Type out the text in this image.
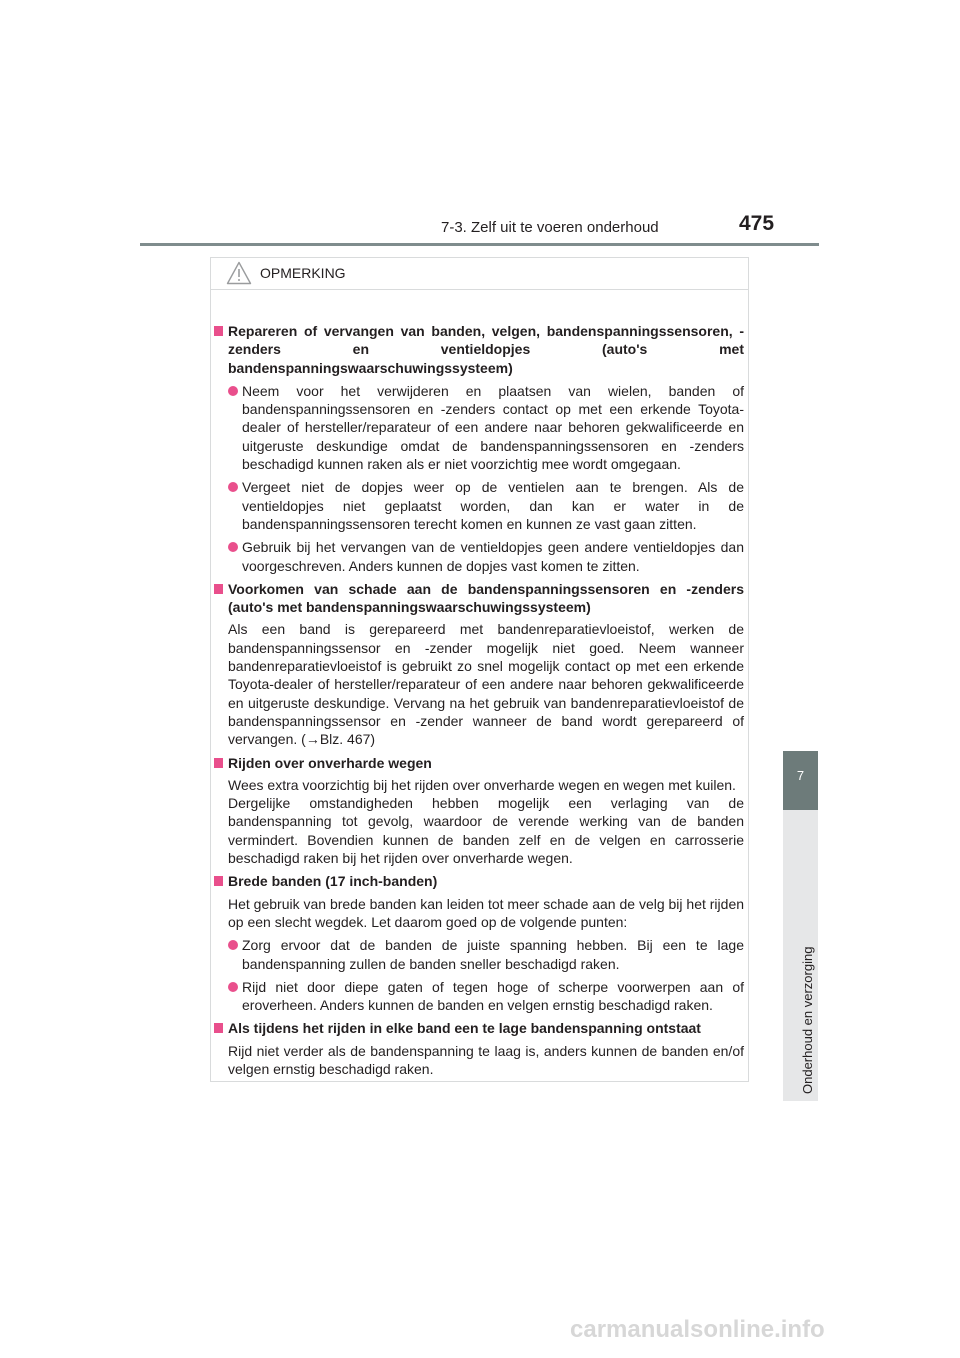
7-3. Zelf uit te voeren onderhoud	475
7
Onderhoud en verzorging
OPMERKING
Repareren of vervangen van banden, velgen, bandenspanningssensoren, -zenders en ventieldopjes (auto's met bandenspanningswaarschuwingssysteem)
Neem voor het verwijderen en plaatsen van wielen, banden of bandenspanningssensoren en -zenders contact op met een erkende Toyota-dealer of hersteller/reparateur of een andere naar behoren gekwalificeerde en uitgeruste deskundige omdat de bandenspanningssensoren en -zenders beschadigd kunnen raken als er niet voorzichtig mee wordt omgegaan.
Vergeet niet de dopjes weer op de ventielen aan te brengen. Als de ventieldopjes niet geplaatst worden, dan kan er water in de bandenspanningssensoren terecht komen en kunnen ze vast gaan zitten.
Gebruik bij het vervangen van de ventieldopjes geen andere ventieldopjes dan voorgeschreven. Anders kunnen de dopjes vast komen te zitten.
Voorkomen van schade aan de bandenspanningssensoren en -zenders (auto's met bandenspanningswaarschuwingssysteem)
Als een band is gerepareerd met bandenreparatievloeistof, werken de bandenspanningssensor en -zender mogelijk niet goed. Neem wanneer bandenreparatievloeistof is gebruikt zo snel mogelijk contact op met een erkende Toyota-dealer of hersteller/reparateur of een andere naar behoren gekwalificeerde en uitgeruste deskundige. Vervang na het gebruik van bandenreparatievloeistof de bandenspanningssensor en -zender wanneer de band wordt gerepareerd of vervangen. (→Blz. 467)
Rijden over onverharde wegen
Wees extra voorzichtig bij het rijden over onverharde wegen en wegen met kuilen.
Dergelijke omstandigheden hebben mogelijk een verlaging van de bandenspanning tot gevolg, waardoor de verende werking van de banden vermindert. Bovendien kunnen de banden zelf en de velgen en carrosserie beschadigd raken bij het rijden over onverharde wegen.
Brede banden (17 inch-banden)
Het gebruik van brede banden kan leiden tot meer schade aan de velg bij het rijden op een slecht wegdek. Let daarom goed op de volgende punten:
Zorg ervoor dat de banden de juiste spanning hebben. Bij een te lage bandenspanning zullen de banden sneller beschadigd raken.
Rijd niet door diepe gaten of tegen hoge of scherpe voorwerpen aan of eroverheen. Anders kunnen de banden en velgen ernstig beschadigd raken.
Als tijdens het rijden in elke band een te lage bandenspanning ontstaat
Rijd niet verder als de bandenspanning te laag is, anders kunnen de banden en/of velgen ernstig beschadigd raken.
carmanualsonline.info
